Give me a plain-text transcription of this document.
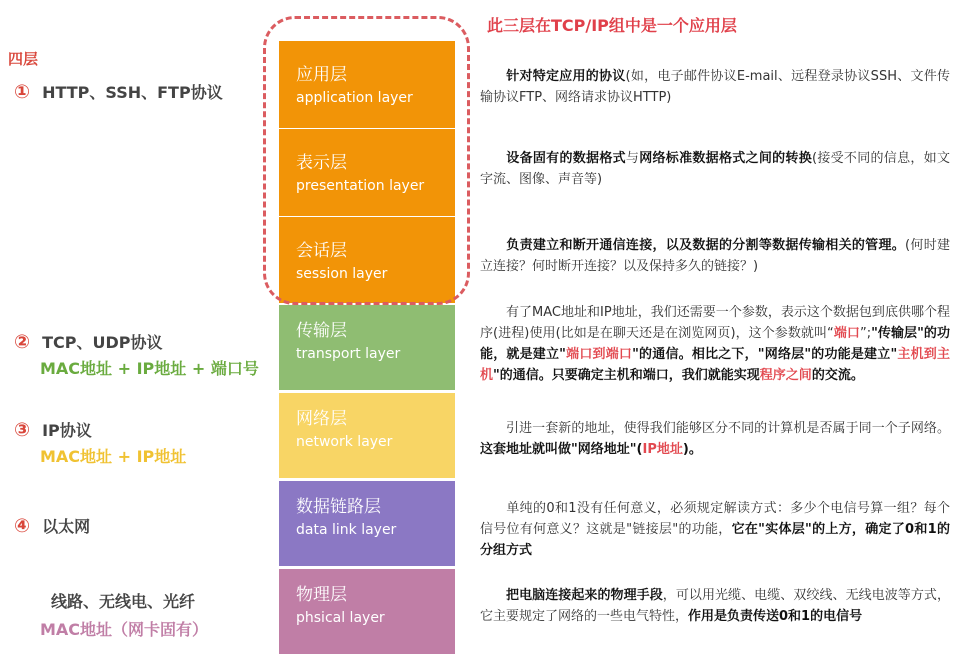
此三层在TCP/IP组中是一个应用层
四层
① HTTP、SSH、FTP协议
② TCP、UDP协议
MAC地址 + IP地址 + 端口号
③ IP协议
MAC地址 + IP地址
④ 以太网
线路、无线电、光纤
MAC地址（网卡固有）
应用层
application layer
表示层
presentation layer
会话层
session layer
传输层
transport layer
网络层
network layer
数据链路层
data link layer
物理层
phsical layer
针对特定应用的协议(如，电子邮件协议E-mail、远程登录协议SSH、文件传输协议FTP、网络请求协议HTTP)
设备固有的数据格式与网络标准数据格式之间的转换(接受不同的信息，如文字流、图像、声音等)
负责建立和断开通信连接，以及数据的分割等数据传输相关的管理。(何时建立连接？何时断开连接？以及保持多久的链接？)
有了MAC地址和IP地址，我们还需要一个参数，表示这个数据包到底供哪个程序(进程)使用(比如是在聊天还是在浏览网页)，这个参数就叫“端口”;"传输层"的功能，就是建立"端口到端口"的通信。相比之下，"网络层"的功能是建立"主机到主机"的通信。只要确定主机和端口，我们就能实现程序之间的交流。
引进一套新的地址，使得我们能够区分不同的计算机是否属于同一个子网络。这套地址就叫做"网络地址"(IP地址)。
单纯的0和1没有任何意义，必须规定解读方式：多少个电信号算一组？每个信号位有何意义？这就是"链接层"的功能，它在"实体层"的上方，确定了0和1的分组方式
把电脑连接起来的物理手段，可以用光缆、电缆、双绞线、无线电波等方式，它主要规定了网络的一些电气特性，作用是负责传送0和1的电信号
